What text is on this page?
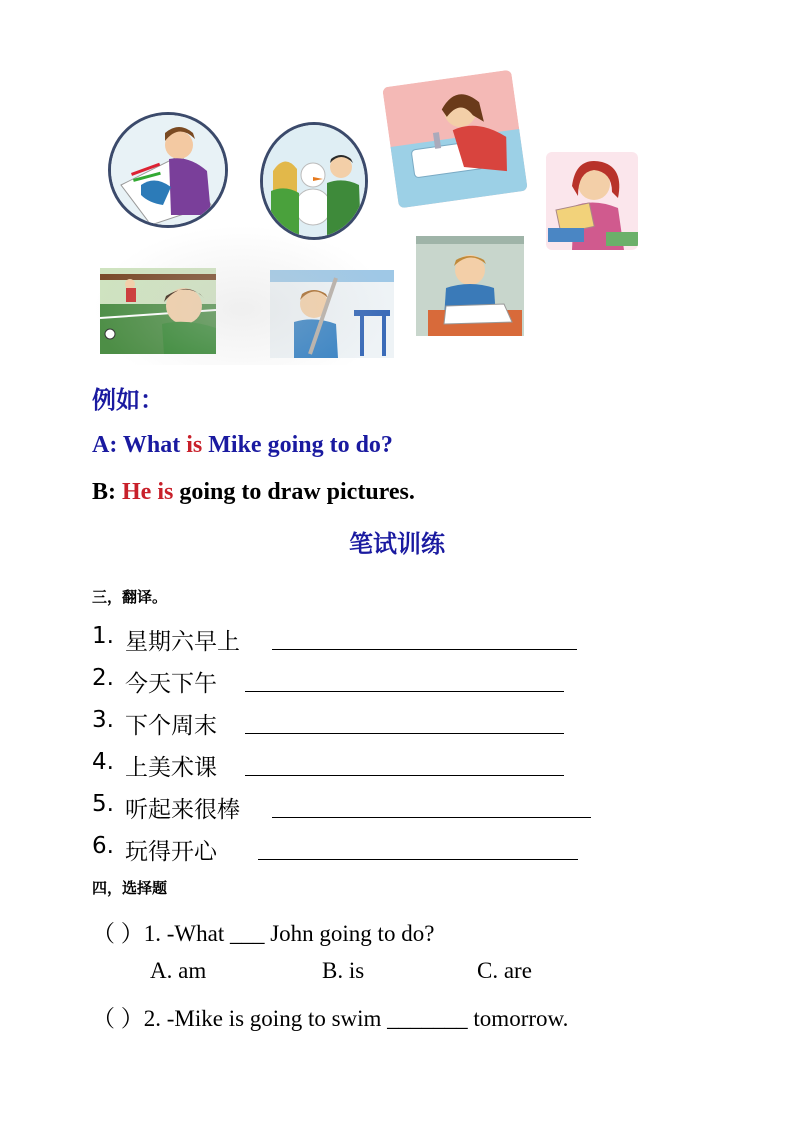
例如：
A: What is Mike going to do?
B: He is going to draw pictures.
笔试训练
三，翻译。
1. 星期六早上
2. 今天下午
3. 下个周末
4. 上美术课
5. 听起来很棒
6. 玩得开心
四，选择题
（ ）1. -What ___ John going to do?
A. am	B. is	C. are
（ ）2. -Mike is going to swim _______ tomorrow.
